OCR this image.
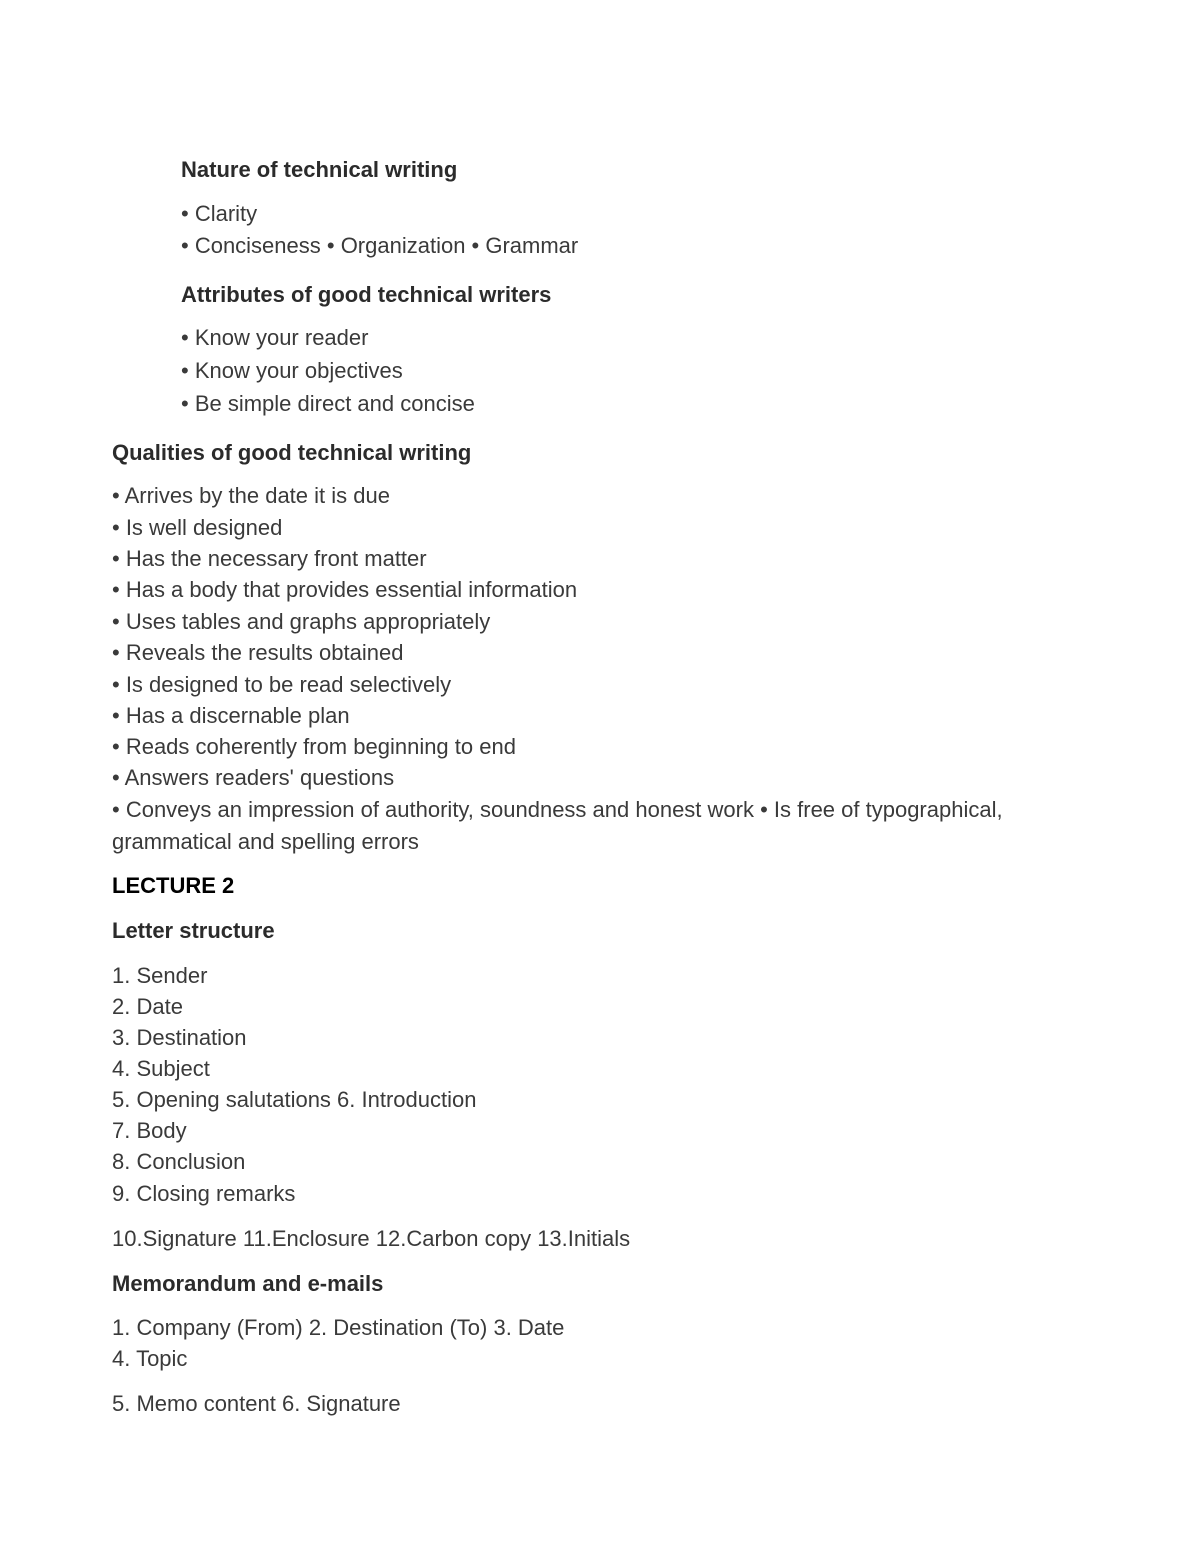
Nature of technical writing
• Clarity
• Conciseness • Organization • Grammar
Attributes of good technical writers
• Know your reader
• Know your objectives
• Be simple direct and concise
Qualities of good technical writing
• Arrives by the date it is due
• Is well designed
• Has the necessary front matter
• Has a body that provides essential information
• Uses tables and graphs appropriately
• Reveals the results obtained
• Is designed to be read selectively
• Has a discernable plan
• Reads coherently from beginning to end
• Answers readers' questions
• Conveys an impression of authority, soundness and honest work • Is free of typographical,
grammatical and spelling errors
LECTURE 2
Letter structure
1. Sender
2. Date
3. Destination
4. Subject
5. Opening salutations 6. Introduction
7. Body
8. Conclusion
9. Closing remarks
10.Signature 11.Enclosure 12.Carbon copy 13.Initials
Memorandum and e-mails
1. Company (From) 2. Destination (To) 3. Date
4. Topic
5. Memo content 6. Signature
